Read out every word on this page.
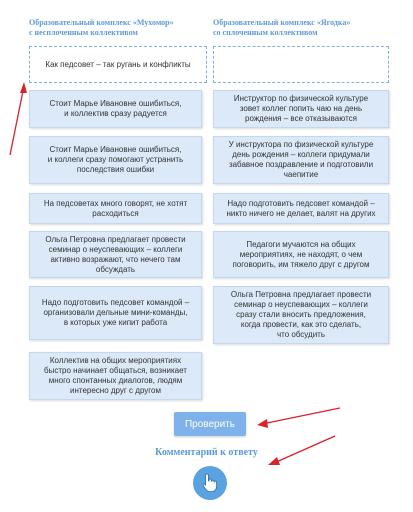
Образовательный комплекс «Мухомор»
с несплоченным коллективом
Образовательный комплекс «Ягодка»
со сплоченным коллективом
Как педсовет – так ругань и конфликты
Стоит Марье Ивановне ошибиться,
и коллектив сразу радуется
Инструктор по физической культуре
зовет коллег попить чаю на день
рождения – все отказываются
Стоит Марье Ивановне ошибиться,
и коллеги сразу помогают устранить
последствия ошибки
У инструктора по физической культуре
день рождения – коллеги придумали
забавное поздравление и подготовили
чаепитие
На педсоветах много говорят, не хотят
расходиться
Надо подготовить педсовет командой –
никто ничего не делает, валят на других
Ольга Петровна предлагает провести
семинар о неуспевающих – коллеги
активно возражают, что нечего там
обсуждать
Педагоги мучаются на общих
мероприятиях, не находят, о чем
поговорить, им тяжело друг с другом
Надо подготовить педсовет командой –
организовали дельные мини-команды,
в которых уже кипит работа
Ольга Петровна предлагает провести
семинар о неуспевающих – коллеги
сразу стали вносить предложения,
когда провести, как это сделать,
что обсудить
Коллектив на общих мероприятиях
быстро начинает общаться, возникает
много спонтанных диалогов, людям
интересно друг с другом
Проверить
Комментарий к ответу
